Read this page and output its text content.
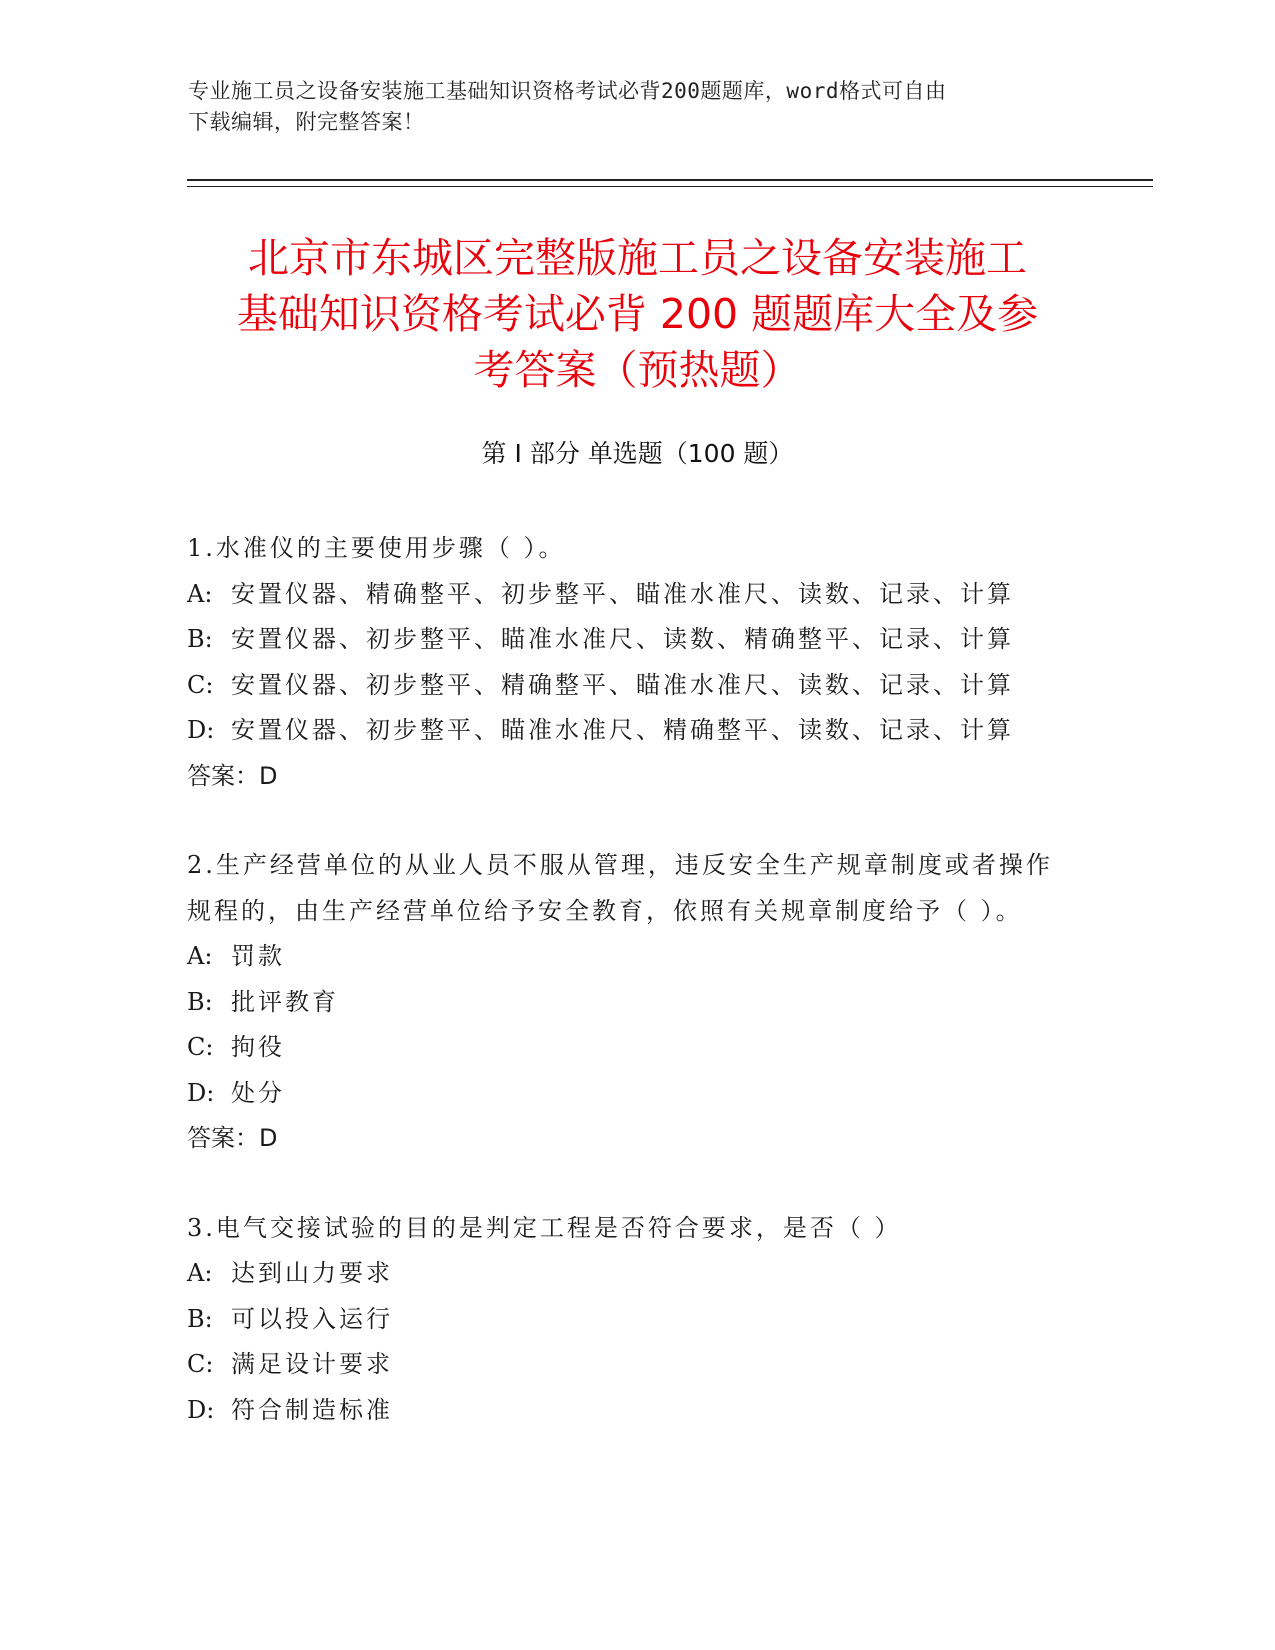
专业施工员之设备安装施工基础知识资格考试必背200题题库，word格式可自由
下载编辑，附完整答案！
北京市东城区完整版施工员之设备安装施工
基础知识资格考试必背 200 题题库大全及参
考答案（预热题）
第 I 部分 单选题（100 题）
1.水准仪的主要使用步骤（ ）。
A: 安置仪器、精确整平、初步整平、瞄准水准尺、读数、记录、计算
B: 安置仪器、初步整平、瞄准水准尺、读数、精确整平、记录、计算
C: 安置仪器、初步整平、精确整平、瞄准水准尺、读数、记录、计算
D: 安置仪器、初步整平、瞄准水准尺、精确整平、读数、记录、计算
答案：D
2.生产经营单位的从业人员不服从管理，违反安全生产规章制度或者操作规程的，由生产经营单位给予安全教育，依照有关规章制度给予（ ）。
A: 罚款
B: 批评教育
C: 拘役
D: 处分
答案：D
3.电气交接试验的目的是判定工程是否符合要求，是否（ ）
A: 达到山力要求
B: 可以投入运行
C: 满足设计要求
D: 符合制造标准
